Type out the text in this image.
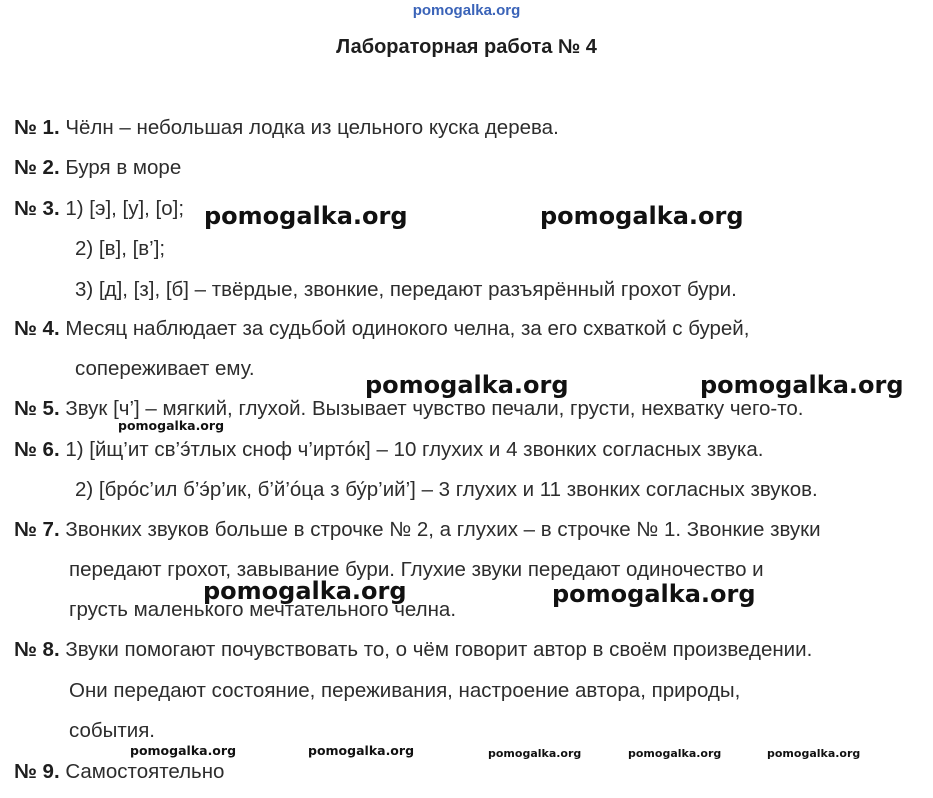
pomogalka.org
Лабораторная работа № 4
№ 1. Чёлн – небольшая лодка из цельного куска дерева.
№ 2. Буря в море
№ 3. 1) [э], [у], [о];
2) [в], [в’];
3) [д], [з], [б] – твёрдые, звонкие, передают разъярённый грохот бури.
№ 4. Месяц наблюдает за судьбой одинокого челна, за его схваткой с бурей,
сопереживает ему.
№ 5. Звук [ч’] – мягкий, глухой. Вызывает чувство печали, грусти, нехватку чего-то.
№ 6. 1) [йщ’ит св’э́тлых сноф ч’иртóк] – 10 глухих и 4 звонких согласных звука.
2) [брóс’ил б’э́р’ик, б’й’óца з бу́р’ий’] – 3 глухих и 11 звонких согласных звуков.
№ 7. Звонких звуков больше в строчке № 2, а глухих – в строчке № 1. Звонкие звуки
передают грохот, завывание бури. Глухие звуки передают одиночество и
грусть маленького мечтательного челна.
№ 8. Звуки помогают почувствовать то, о чём говорит автор в своём произведении.
Они передают состояние, переживания, настроение автора, природы,
события.
№ 9. Самостоятельно
pomogalka.org	pomogalka.org
pomogalka.org	pomogalka.org
pomogalka.org
pomogalka.org	pomogalka.org
pomogalka.org	pomogalka.org	pomogalka.org	pomogalka.org	pomogalka.org
